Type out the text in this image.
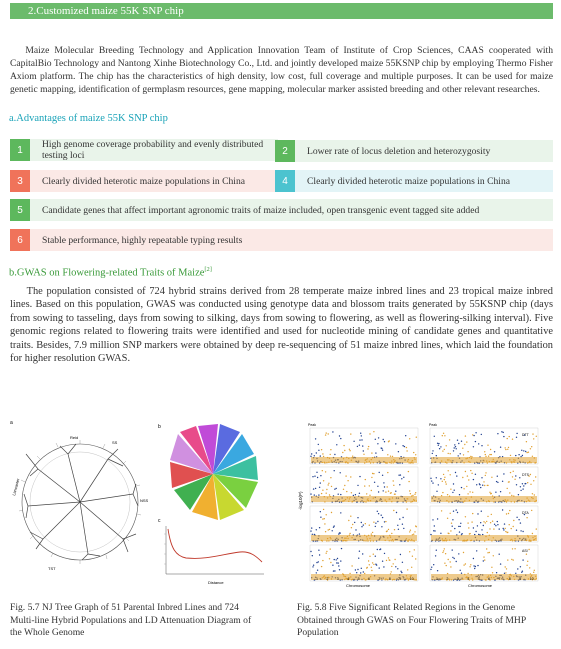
2.Customized maize 55K SNP chip
Maize Molecular Breeding Technology and Application Innovation Team of Institute of Crop Sciences, CAAS cooperated with CapitalBio Technology and Nantong Xinhe Biotechnology Co., Ltd. and jointly developed maize 55KSNP chip by employing Thermo Fisher Axiom platform. The chip has the characteristics of high density, low cost, full coverage and multiple purposes. It can be used for maize genetic mapping, identification of germplasm resources, gene mapping, molecular marker assisted breeding and other relevant researches.
a.Advantages of maize 55K SNP chip
1	High genome coverage probability and evenly distributed testing loci	2	Lower rate of locus deletion and heterozygosity
3	Clearly divided heterotic maize populations in China	4	Clearly divided heterotic maize populations in China
5	Candidate genes that affect important agronomic traits of maize included, open transgenic event tagged site added
6	Stable performance, highly repeatable typing results
b.GWAS on Flowering-related Traits of Maize[2]
The population consisted of 724 hybrid strains derived from 28 temperate maize inbred lines and 23 tropical maize inbred lines. Based on this population, GWAS was conducted using genotype data and blossom traits generated by 55KSNP chip (days from sowing to tasseling, days from sowing to silking, days from sowing to flowering, as well as flowering-silking interval). Five genomic regions related to flowering traits were identified and used for nucleotide mining of candidate genes and quantitative traits. Besides, 7.9 million SNP markers were obtained by deep re-sequencing of 51 maize inbred lines, which laid the foundation for higher resolution GWAS.
a
Reid
Lancaster
SS
NSS
TST
b
c
Distance
-log10(P)
Peak	Peak
DTT
DTS
DTA
ASI
1 2 3 4 5 6 7 8 9 10	1 2 3 4 5 6 7 8 9 10
Chromosome	Chromosome
Fig. 5.7 NJ Tree Graph of 51 Parental Inbred Lines and 724 Multi-line Hybrid Populations and LD Attenuation Diagram of the Whole Genome
Fig. 5.8 Five Significant Related Regions in the Genome Obtained through GWAS on Four Flowering Traits of MHP Population
